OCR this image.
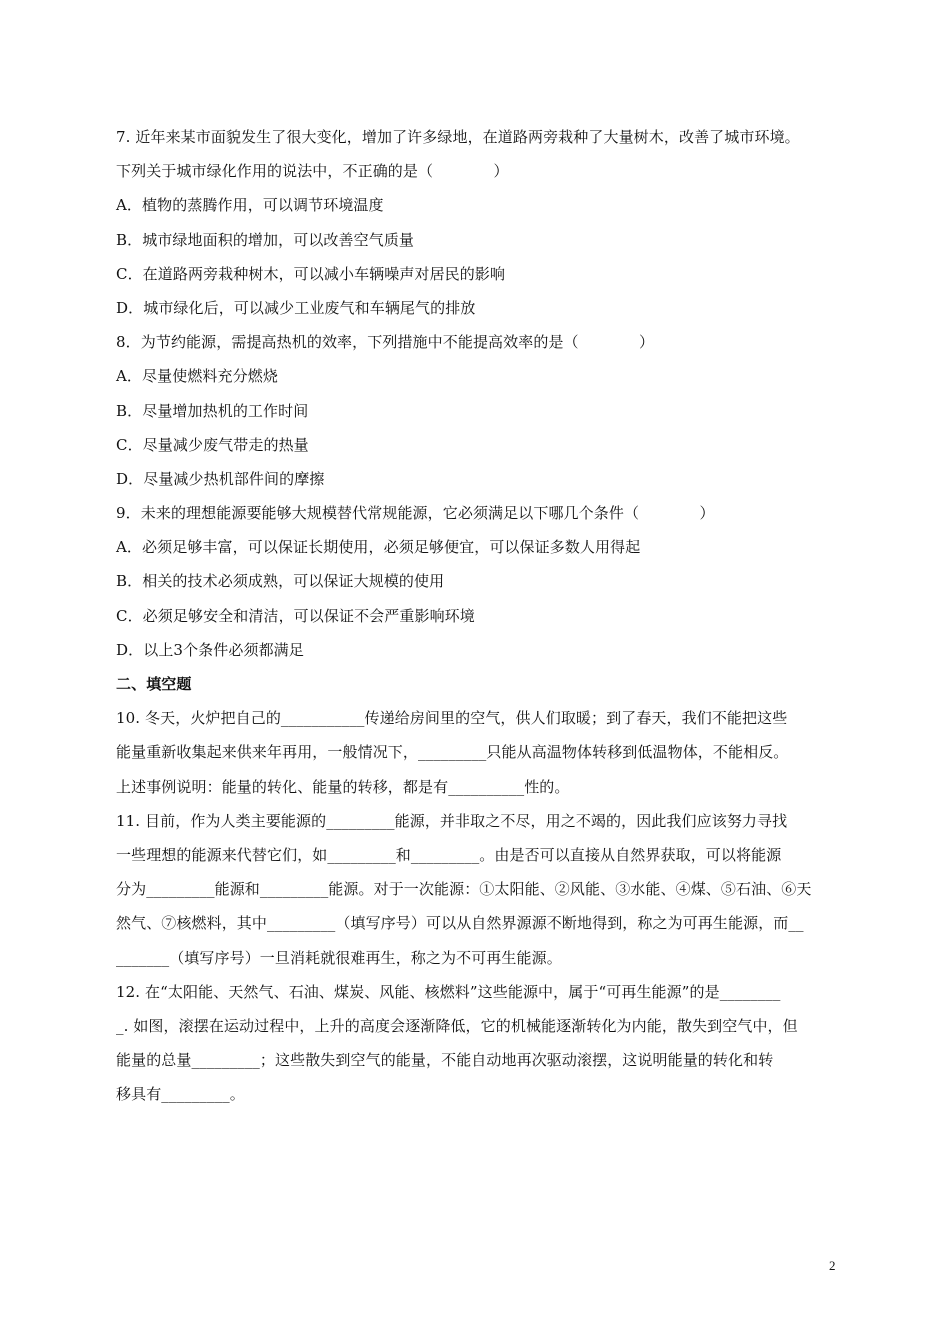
7. 近年来某市面貌发生了很大变化，增加了许多绿地，在道路两旁栽种了大量树木，改善了城市环境。
下列关于城市绿化作用的说法中，不正确的是（　　　　）
A．植物的蒸腾作用，可以调节环境温度
B．城市绿地面积的增加，可以改善空气质量
C．在道路两旁栽种树木，可以减小车辆噪声对居民的影响
D．城市绿化后，可以减少工业废气和车辆尾气的排放
8．为节约能源，需提高热机的效率，下列措施中不能提高效率的是（　　　　）
A．尽量使燃料充分燃烧
B．尽量增加热机的工作时间
C．尽量减少废气带走的热量
D．尽量减少热机部件间的摩擦
9．未来的理想能源要能够大规模替代常规能源，它必须满足以下哪几个条件（　　　　）
A．必须足够丰富，可以保证长期使用，必须足够便宜，可以保证多数人用得起
B．相关的技术必须成熟，可以保证大规模的使用
C．必须足够安全和清洁，可以保证不会严重影响环境
D．以上3个条件必须都满足
二、填空题
10. 冬天，火炉把自己的___________传递给房间里的空气，供人们取暖；到了春天，我们不能把这些
能量重新收集起来供来年再用，一般情况下，_________只能从高温物体转移到低温物体，不能相反。
上述事例说明：能量的转化、能量的转移，都是有__________性的。
11. 目前，作为人类主要能源的_________能源，并非取之不尽，用之不竭的，因此我们应该努力寻找
一些理想的能源来代替它们，如_________和_________。由是否可以直接从自然界获取，可以将能源
分为_________能源和_________能源。对于一次能源：①太阳能、②风能、③水能、④煤、⑤石油、⑥天
然气、⑦核燃料，其中_________（填写序号）可以从自然界源源不断地得到，称之为可再生能源，而__
_______（填写序号）一旦消耗就很难再生，称之为不可再生能源。
12. 在“太阳能、天然气、石油、煤炭、风能、核燃料”这些能源中，属于“可再生能源”的是________
_. 如图，滚摆在运动过程中，上升的高度会逐渐降低，它的机械能逐渐转化为内能，散失到空气中，但
能量的总量_________；这些散失到空气的能量，不能自动地再次驱动滚摆，这说明能量的转化和转
移具有_________。
2
